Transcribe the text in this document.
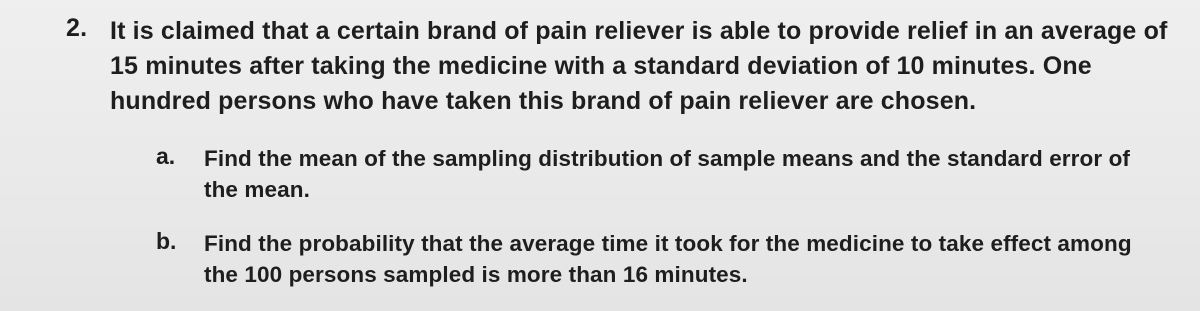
2. It is claimed that a certain brand of pain reliever is able to provide relief in an average of 15 minutes after taking the medicine with a standard deviation of 10 minutes. One hundred persons who have taken this brand of pain reliever are chosen.
a. Find the mean of the sampling distribution of sample means and the standard error of the mean.
b. Find the probability that the average time it took for the medicine to take effect among the 100 persons sampled is more than 16 minutes.
